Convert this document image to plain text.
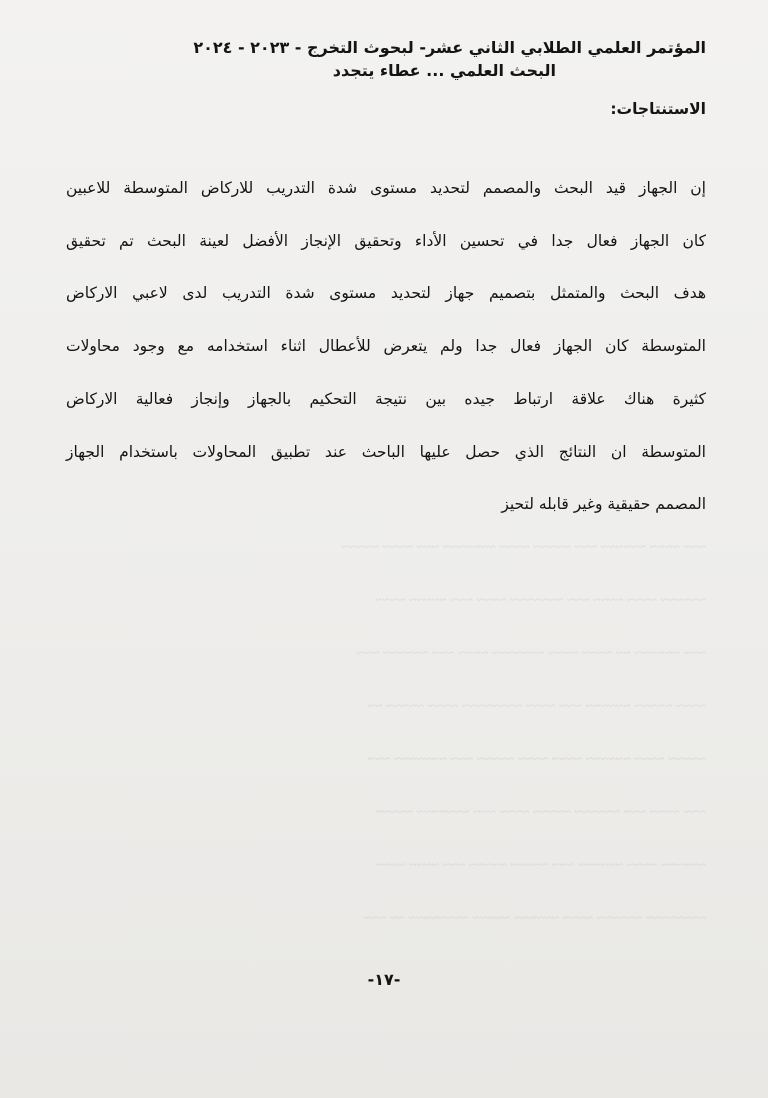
~~~ ~~~~ ~~~~~~ ~~~ ~~~~~ ~~~~ ~~~~~~~ ~~~ ~~~~ ~~~~~
~~~~~~ ~~~~ ~~~~ ~~~ ~~~~~~~ ~~~~ ~~~ ~~~~~ ~~~~
~~~ ~~~~~~ ~~ ~~~~ ~~~~ ~~~~~~~ ~~~~ ~~~ ~~~~~~ ~~~
~~~~ ~~~~~ ~~~~~~ ~~~ ~~~~ ~~~~~~~~ ~~~~ ~~~~~ ~~
~~~~~ ~~~~ ~~~~~~ ~~~~ ~~~~ ~~~~~ ~~~ ~~~~~~~ ~~~
~~~ ~~~~ ~~~ ~~~~~~ ~~~~~ ~~~~ ~~~ ~~~~~~~ ~~~~~
~~~~~~ ~~~~ ~~~~~~ ~~~ ~~~~~ ~~~~~ ~~~ ~~~~ ~~~~
~~~~~~~~ ~~~~~~ ~~~~ ~~~~~~ ~~~~~ ~~~~~~~~ ~~ ~~~
المؤتمر العلمي الطلابي الثاني عشر- لبحوث التخرج - ٢٠٢٣ - ٢٠٢٤
البحث العلمي ... عطاء يتجدد
الاستنتاجات:
إن الجهاز قيد البحث والمصمم لتحديد مستوى شدة التدريب للاركاض المتوسطة للاعبين
كان الجهاز فعال جدا في تحسين الأداء وتحقيق الإنجاز الأفضل لعينة البحث تم تحقيق
هدف البحث والمتمثل بتصميم جهاز لتحديد مستوى شدة التدريب لدى لاعبي الاركاض
المتوسطة كان الجهاز فعال جدا ولم يتعرض للأعطال اثناء استخدامه مع وجود محاولات
كثيرة هناك علاقة ارتباط جيده بين نتيجة التحكيم بالجهاز وإنجاز فعالية الاركاض
المتوسطة ان النتائج الذي حصل عليها الباحث عند تطبيق المحاولات باستخدام الجهاز
المصمم حقيقية وغير قابله لتحيز
-١٧-
